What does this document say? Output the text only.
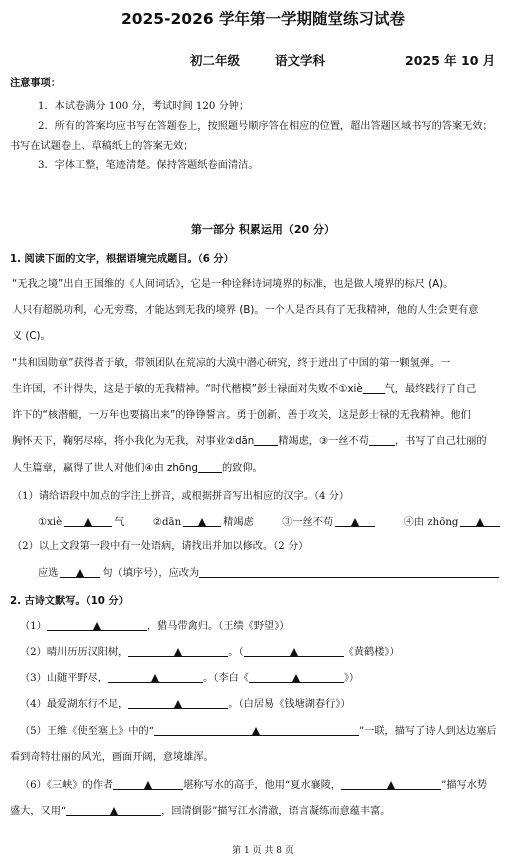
2025-2026 学年第一学期随堂练习试卷
初二年级	语文学科	2025 年 10 月
注意事项：
1．本试卷满分 100 分，考试时间 120 分钟；
2．所有的答案均应书写在答题卷上，按照题号顺序答在相应的位置，超出答题区域书写的答案无效；
书写在试题卷上、草稿纸上的答案无效；
3．字体工整，笔迹清楚。保持答题纸卷面清洁。
第一部分 积累运用（20 分）
1. 阅读下面的文字，根据语境完成题目。（6 分）
“无我之境”出自王国维的《人间词话》，它是一种诠释诗词境界的标准，也是做人境界的标尺 (A)。
人只有超脱功利，心无旁骛，才能达到无我的境界 (B)。一个人是否具有了无我精神，他的人生会更有意
义 (C)。
“共和国勋章”获得者于敏，带领团队在荒凉的大漠中潜心研究，终于迸出了中国的第一颗氢弹。一
生许国，不计得失，这是于敏的无我精神。“时代楷模”彭士禄面对失败不①xiè 气，最终践行了自己
许下的“核潜艇，一万年也要搞出来”的铮铮誓言。勇于创新、善于攻关，这是彭士禄的无我精神。他们
胸怀天下，鞠躬尽瘁，将小我化为无我，对事业②dān 精竭虑，③一丝不苟	，书写了自己壮丽的
人生篇章，赢得了世人对他们④由 zhōng 的致仰。
（1）请给语段中加点的字注上拼音，或根据拼音写出相应的汉字。（4 分）
①xiè	气	②dān	精竭虑	③一丝不苟	④由 zhōng
（2）以上文段第一段中有一处语病，请找出并加以修改。（2 分）
应选	句（填序号），应改为
2. 古诗文默写。（10 分）
（1）	，猎马带禽归。（王绩《野望》）
（2）晴川历历汉阳树，	。（	《黄鹤楼》）
（3）山随平野尽，	。（李白《	》）
（4）最爱湖东行不足，	。（白居易《钱塘湖春行》）
（5）王维《使至塞上》中的“	”一联，描写了诗人到达边塞后
看到奇特壮丽的风光，画面开阔，意境雄浑。
（6）《三峡》的作者	堪称写水的高手，他用“夏水襄陵，	”描写水势
盛大，又用“	，回清倒影”描写江水清澈，语言凝练而意蕴丰富。
第 1 页 共 8 页
